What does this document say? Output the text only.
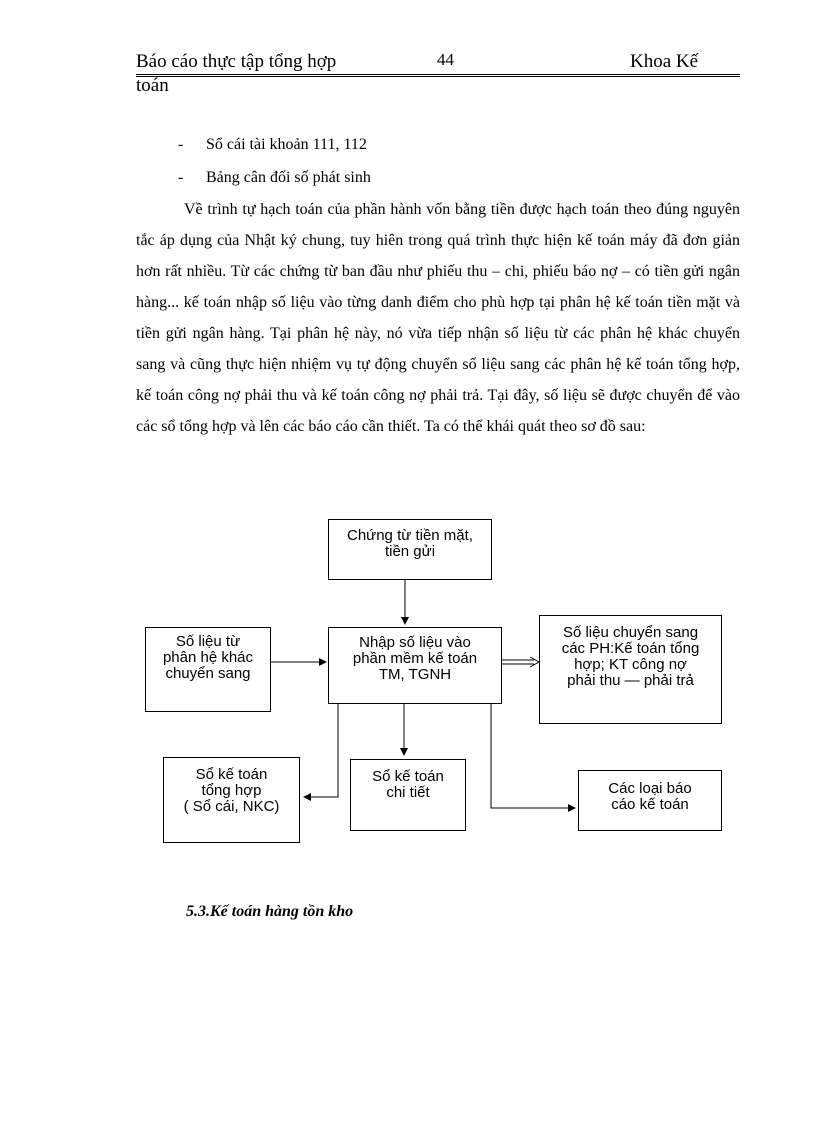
Báo cáo thực tập tổng hợp	44	Khoa Kế
toán
- Sổ cái tài khoản 111, 112
- Bảng cân đối số phát sinh

Về trình tự hạch toán của phần hành vốn bằng tiền được hạch toán theo đúng nguyên tắc áp dụng của Nhật ký chung, tuy hiên trong quá trình thực hiện kế toán máy đã đơn giản hơn rất nhiều. Từ các chứng từ ban đầu như phiếu thu – chi, phiếu báo nợ – có tiền gửi ngân hàng... kế toán nhập số liệu vào từng danh điểm cho phù hợp tại phân hệ kế toán tiền mặt và tiền gửi ngân hàng. Tại phân hệ này, nó vừa tiếp nhận số liệu từ các phân hệ khác chuyển sang và cũng thực hiện nhiệm vụ tự động chuyển số liệu sang các phân hệ kế toán tổng hợp, kế toán công nợ phải thu và kế toán công nợ phải trả. Tại đây, số liệu sẽ được chuyển để vào các sổ tổng hợp và lên các báo cáo cần thiết. Ta có thể khái quát theo sơ đồ sau:

Chứng từ tiền mặt,
tiền gửi
Số liệu từ
phân hệ khác
chuyển sang
Nhập số liệu vào
phần mềm kế toán
TM, TGNH
Số liệu chuyển sang
các PH:Kế toán tổng
hợp; KT công nợ
phải thu — phải trả
Sổ kế toán
tổng hợp
( Sổ cái, NKC)
Sổ kế toán
chi tiết	Các loại báo
cáo kế toán
5.3.Kế toán hàng tồn kho
